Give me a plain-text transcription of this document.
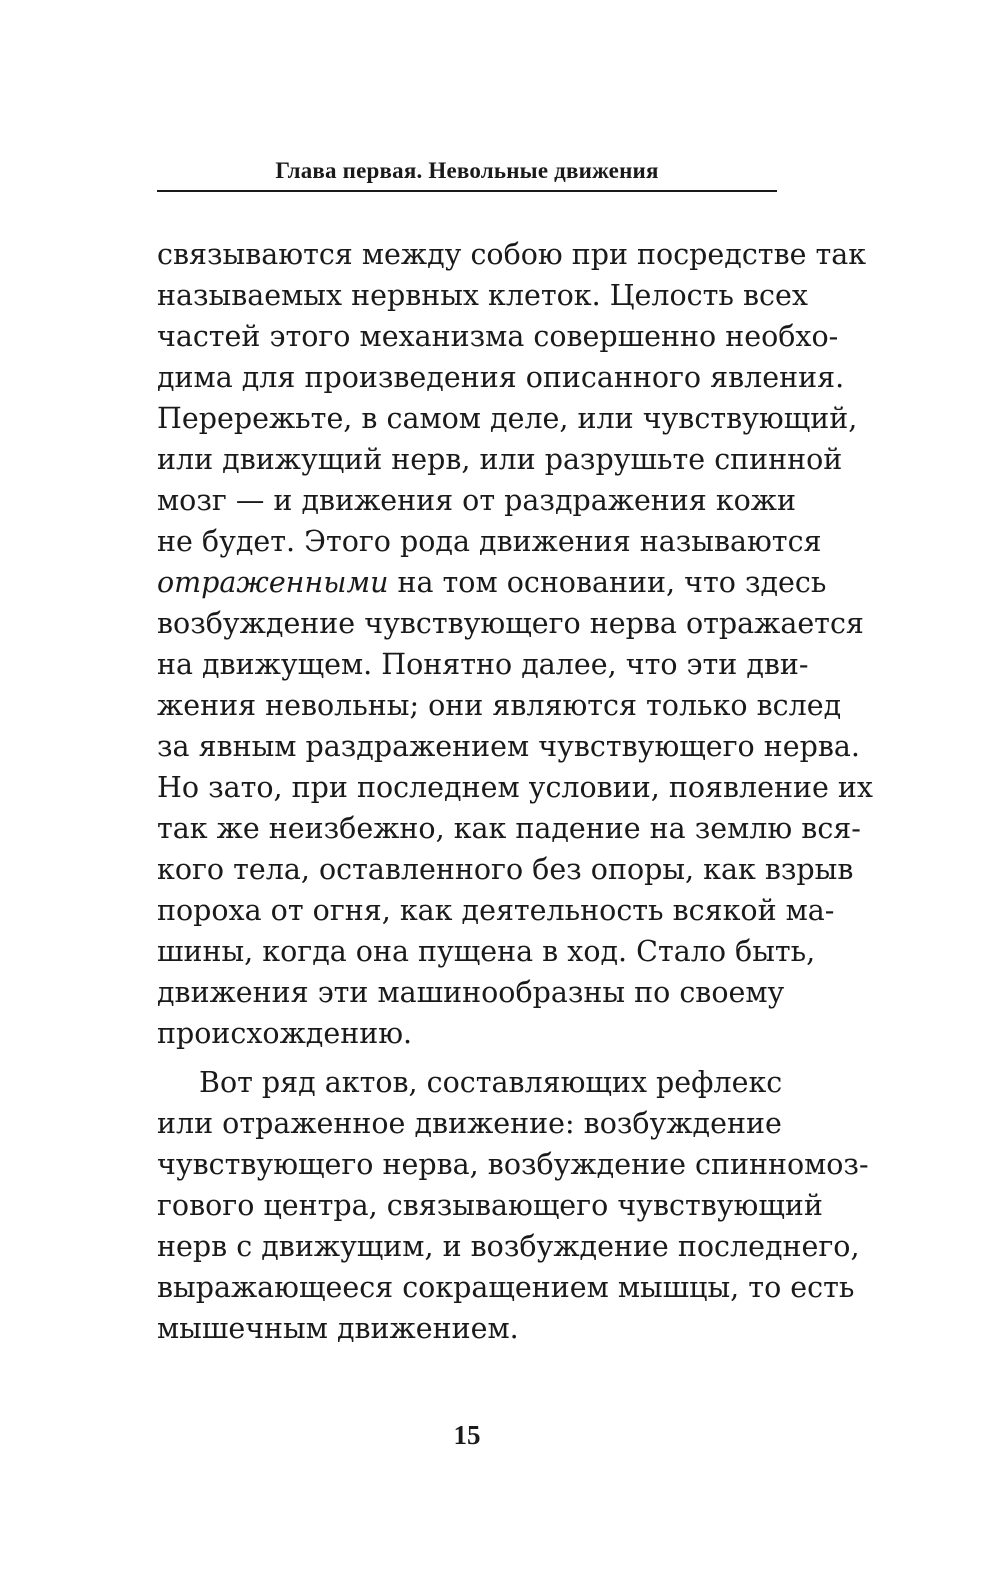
Глава первая. Невольные движения
связываются между собою при посредстве так
называемых нервных клеток. Целость всех
частей этого механизма совершенно необхо-
дима для произведения описанного явления.
Перережьте, в самом деле, или чувствующий,
или движущий нерв, или разрушьте спинной
мозг — и движения от раздражения кожи
не будет. Этого рода движения называются
отраженными на том основании, что здесь
возбуждение чувствующего нерва отражается
на движущем. Понятно далее, что эти дви-
жения невольны; они являются только вслед
за явным раздражением чувствующего нерва.
Но зато, при последнем условии, появление их
так же неизбежно, как падение на землю вся-
кого тела, оставленного без опоры, как взрыв
пороха от огня, как деятельность всякой ма-
шины, когда она пущена в ход. Стало быть,
движения эти машинообразны по своему
происхождению.
Вот ряд актов, составляющих рефлекс
или отраженное движение: возбуждение
чувствующего нерва, возбуждение спинномоз-
гового центра, связывающего чувствующий
нерв с движущим, и возбуждение последнего,
выражающееся сокращением мышцы, то есть
мышечным движением.
15
